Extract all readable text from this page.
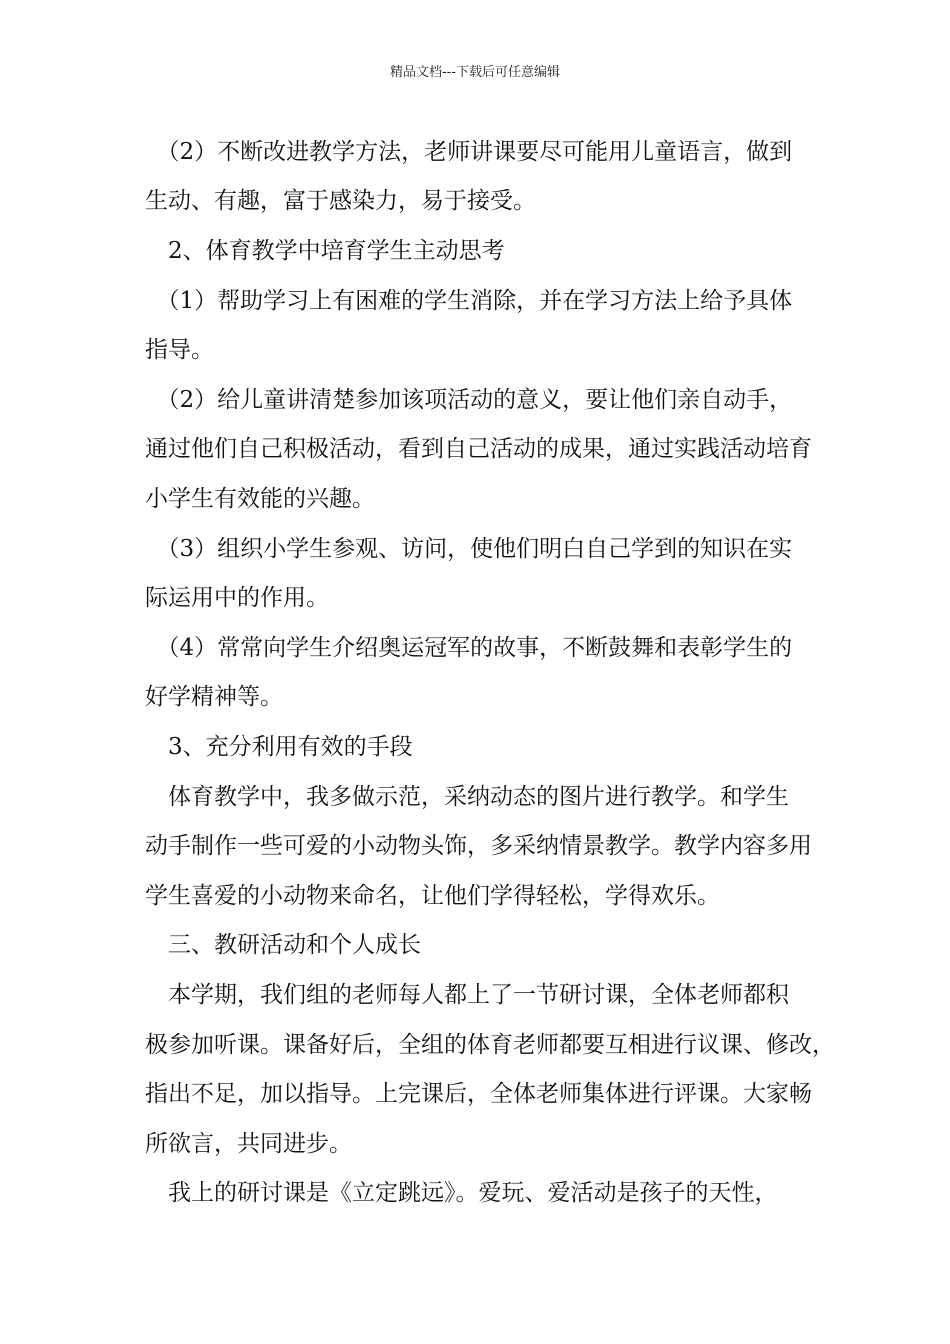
精品文档---下载后可任意编辑
　（2）不断改进教学方法，老师讲课要尽可能用儿童语言，做到
生动、有趣，富于感染力，易于接受。
　2、体育教学中培育学生主动思考
　（1）帮助学习上有困难的学生消除，并在学习方法上给予具体
指导。
　（2）给儿童讲清楚参加该项活动的意义，要让他们亲自动手，
通过他们自己积极活动，看到自己活动的成果，通过实践活动培育
小学生有效能的兴趣。
　（3）组织小学生参观、访问，使他们明白自己学到的知识在实
际运用中的作用。
　（4）常常向学生介绍奥运冠军的故事，不断鼓舞和表彰学生的
好学精神等。
　3、充分利用有效的手段
　体育教学中，我多做示范，采纳动态的图片进行教学。和学生
动手制作一些可爱的小动物头饰，多采纳情景教学。教学内容多用
学生喜爱的小动物来命名，让他们学得轻松，学得欢乐。
　三、教研活动和个人成长
　本学期，我们组的老师每人都上了一节研讨课，全体老师都积
极参加听课。课备好后，全组的体育老师都要互相进行议课、修改，
指出不足，加以指导。上完课后，全体老师集体进行评课。大家畅
所欲言，共同进步。
　我上的研讨课是《立定跳远》。爱玩、爱活动是孩子的天性，
